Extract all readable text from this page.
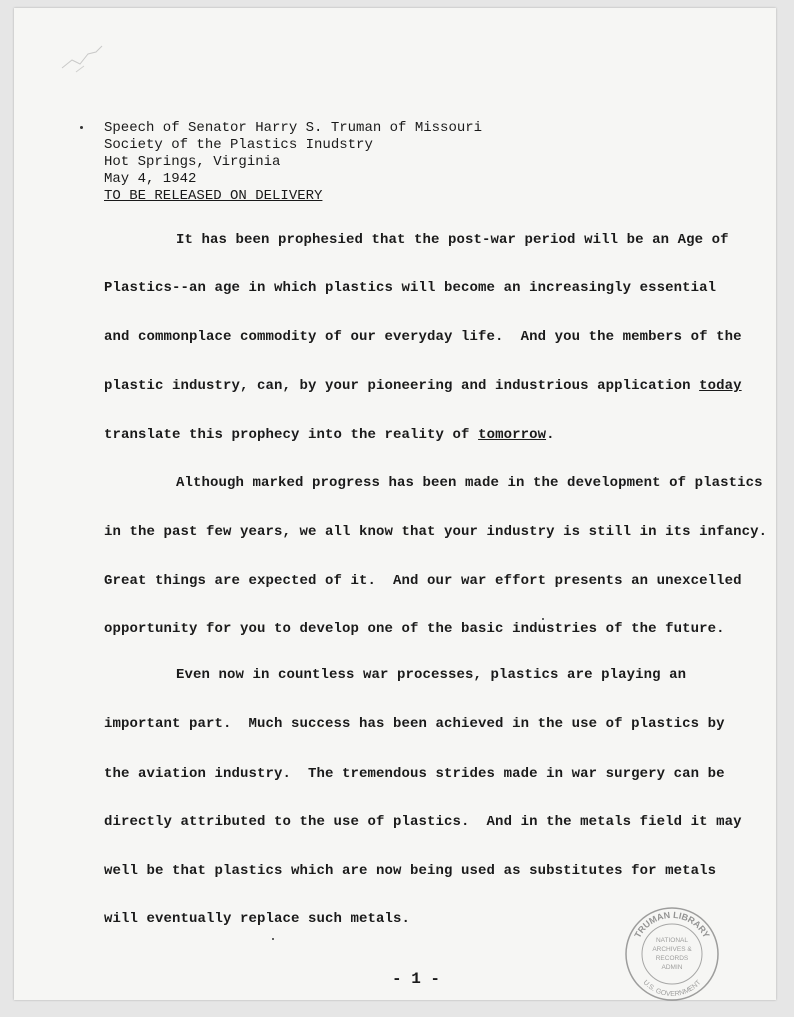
Speech of Senator Harry S. Truman of Missouri
Society of the Plastics Inudstry
Hot Springs, Virginia
May 4, 1942
TO BE RELEASED ON DELIVERY
It has been prophesied that the post-war period will be an Age of
Plastics--an age in which plastics will become an increasingly essential
and commonplace commodity of our everyday life.  And you the members of the
plastic industry, can, by your pioneering and industrious application today
translate this prophecy into the reality of tomorrow.
Although marked progress has been made in the development of plastics
in the past few years, we all know that your industry is still in its infancy.
Great things are expected of it.  And our war effort presents an unexcelled
opportunity for you to develop one of the basic industries of the future.
Even now in countless war processes, plastics are playing an
important part.  Much success has been achieved in the use of plastics by
the aviation industry.  The tremendous strides made in war surgery can be
directly attributed to the use of plastics.  And in the metals field it may
well be that plastics which are now being used as substitutes for metals
will eventually replace such metals.
TRUMAN LIBRARY
U.S. GOVERNMENT
NATIONAL
ARCHIVES &
RECORDS
ADMIN
- 1 -
